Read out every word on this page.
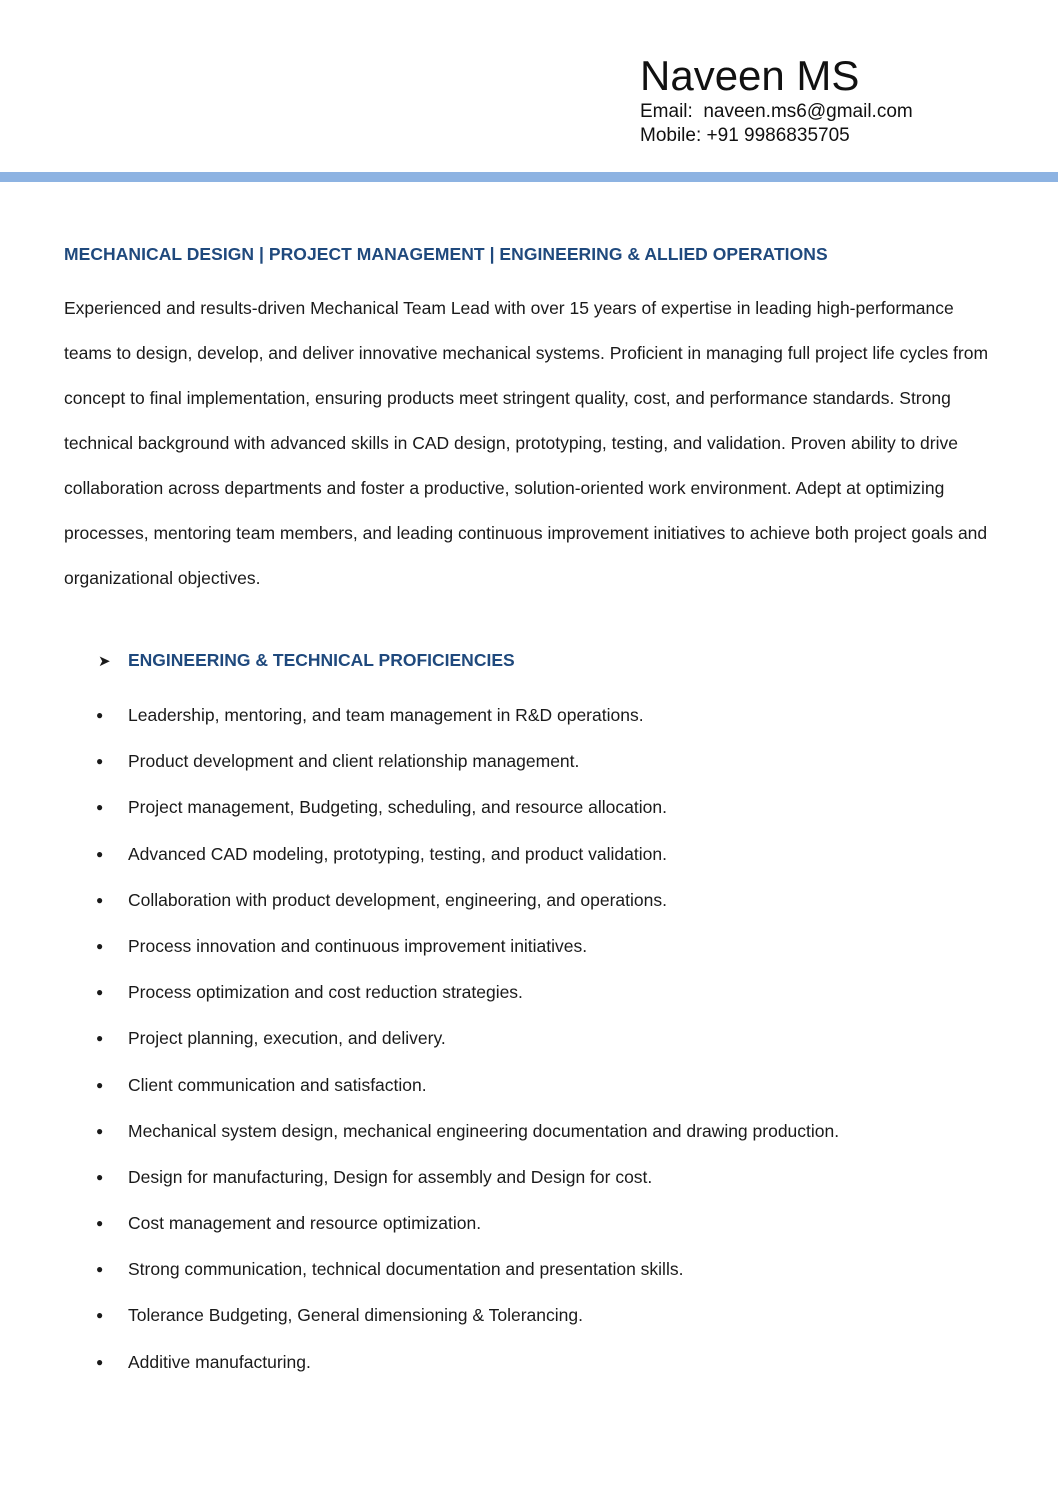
Naveen MS
Email:  naveen.ms6@gmail.com
Mobile: +91 9986835705
MECHANICAL DESIGN | PROJECT MANAGEMENT | ENGINEERING & ALLIED OPERATIONS

Experienced and results-driven Mechanical Team Lead with over 15 years of expertise in leading high-performance teams to design, develop, and deliver innovative mechanical systems. Proficient in managing full project life cycles from concept to final implementation, ensuring products meet stringent quality, cost, and performance standards. Strong technical background with advanced skills in CAD design, prototyping, testing, and validation. Proven ability to drive collaboration across departments and foster a productive, solution-oriented work environment. Adept at optimizing processes, mentoring team members, and leading continuous improvement initiatives to achieve both project goals and organizational objectives.

➤ ENGINEERING & TECHNICAL PROFICIENCIES
●	Leadership, mentoring, and team management in R&D operations.
●	Product development and client relationship management.
●	Project management, Budgeting, scheduling, and resource allocation.
●	Advanced CAD modeling, prototyping, testing, and product validation.
●	Collaboration with product development, engineering, and operations.
●	Process innovation and continuous improvement initiatives.
●	Process optimization and cost reduction strategies.
●	Project planning, execution, and delivery.
●	Client communication and satisfaction.
●	Mechanical system design, mechanical engineering documentation and drawing production.
●	Design for manufacturing, Design for assembly and Design for cost.
●	Cost management and resource optimization.
●	Strong communication, technical documentation and presentation skills.
●	Tolerance Budgeting, General dimensioning & Tolerancing.
●	Additive manufacturing.
